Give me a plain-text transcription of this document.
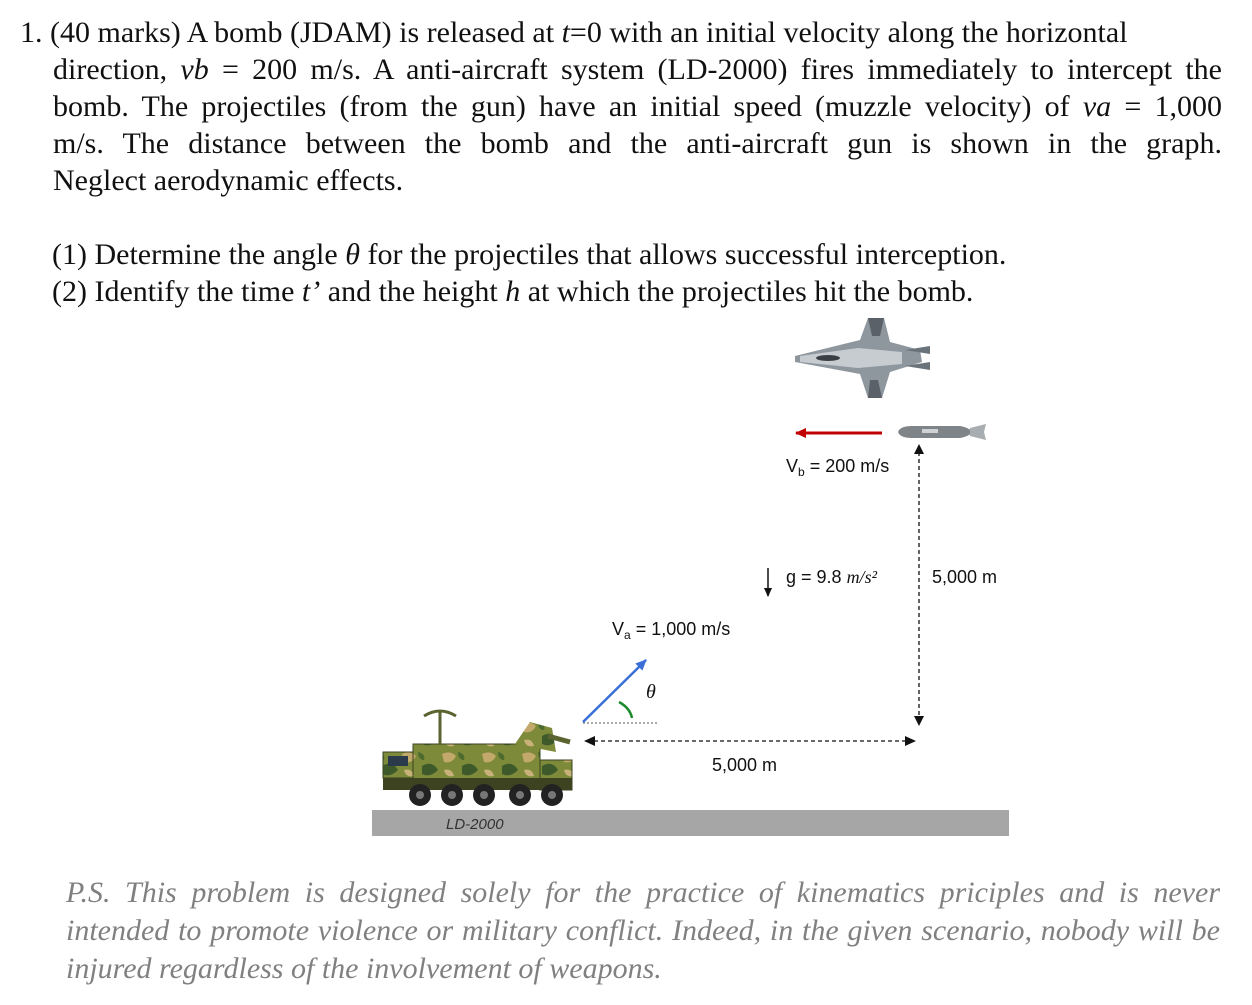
1. (40 marks) A bomb (JDAM) is released at t=0 with an initial velocity along the horizontal
direction, vb = 200 m/s. A anti-aircraft system (LD-2000) fires immediately to intercept the
bomb. The projectiles (from the gun) have an initial speed (muzzle velocity) of va = 1,000
m/s. The distance between the bomb and the anti-aircraft gun is shown in the graph.
Neglect aerodynamic effects.
(1) Determine the angle θ for the projectiles that allows successful interception.
(2) Identify the time t’ and the height h at which the projectiles hit the bomb.
$V_b = 200$ m/s
5,000 m
g = 9.8 m/s²
$V_a = 1,000$ m/s
θ
5,000 m
LD-2000
P.S. This problem is designed solely for the practice of kinematics priciples and is never intended to promote violence or military conflict. Indeed, in the given scenario, nobody will be injured regardless of the involvement of weapons.
